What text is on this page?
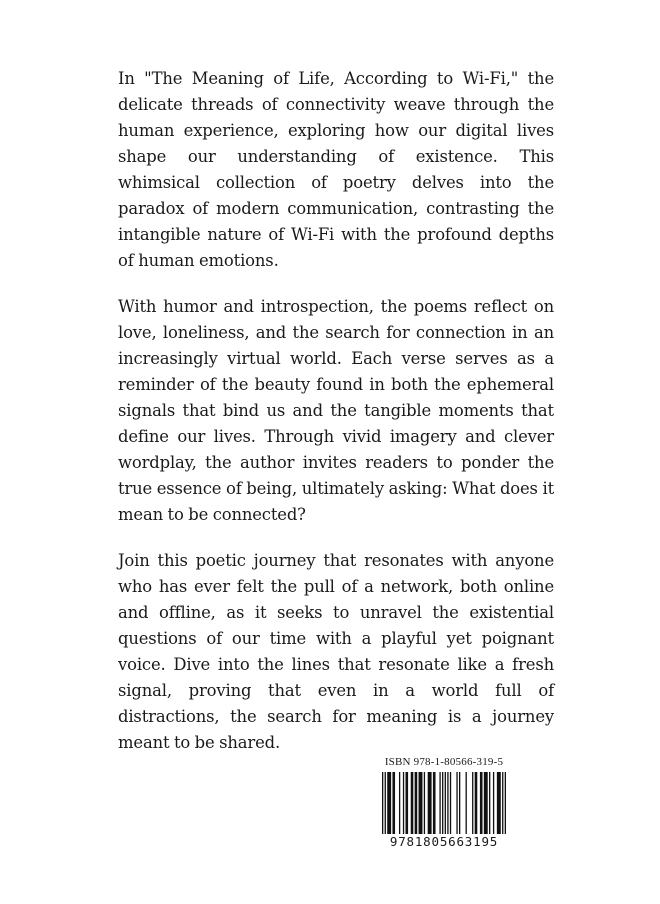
In "The Meaning of Life, According to Wi-Fi," the delicate threads of connectivity weave through the human experience, exploring how our digital lives shape our understanding of existence. This whimsical collection of poetry delves into the paradox of modern communication, contrasting the intangible nature of Wi-Fi with the profound depths of human emotions.

With humor and introspection, the poems reflect on love, loneliness, and the search for connection in an increasingly virtual world. Each verse serves as a reminder of the beauty found in both the ephemeral signals that bind us and the tangible moments that define our lives. Through vivid imagery and clever wordplay, the author invites readers to ponder the true essence of being, ultimately asking: What does it mean to be connected?

Join this poetic journey that resonates with anyone who has ever felt the pull of a network, both online and offline, as it seeks to unravel the existential questions of our time with a playful yet poignant voice. Dive into the lines that resonate like a fresh signal, proving that even in a world full of distractions, the search for meaning is a journey meant to be shared.

ISBN 978-1-80566-319-5
9781805663195
